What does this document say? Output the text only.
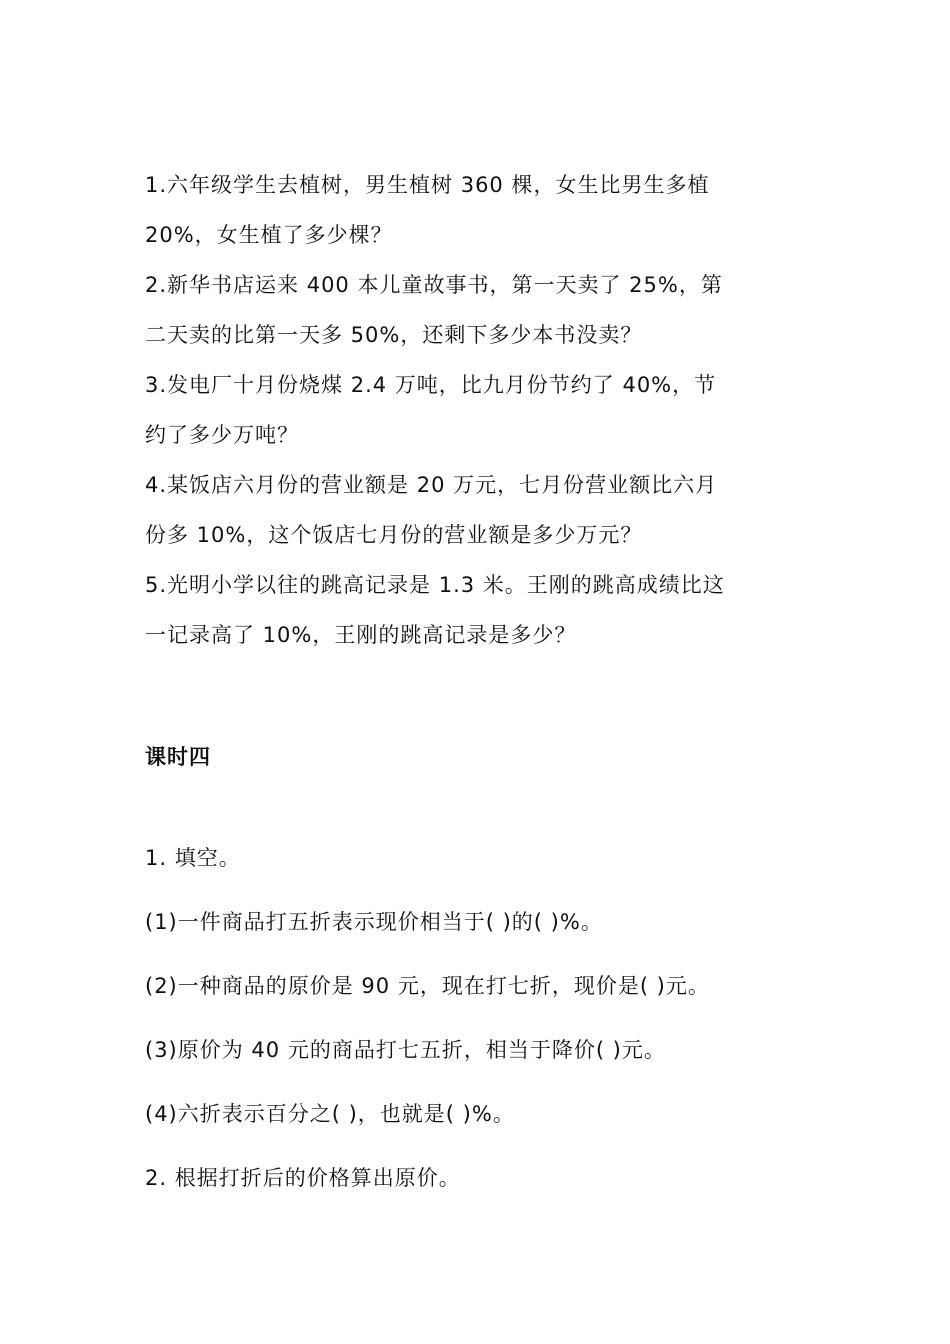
1.六年级学生去植树，男生植树 360 棵，女生比男生多植
20%，女生植了多少棵？
2.新华书店运来 400 本儿童故事书，第一天卖了 25%，第
二天卖的比第一天多 50%，还剩下多少本书没卖？
3.发电厂十月份烧煤 2.4 万吨，比九月份节约了 40%，节
约了多少万吨？
4.某饭店六月份的营业额是 20 万元，七月份营业额比六月
份多 10%，这个饭店七月份的营业额是多少万元？
5.光明小学以往的跳高记录是 1.3 米。王刚的跳高成绩比这
一记录高了 10%，王刚的跳高记录是多少？
课时四
1. 填空。
(1)一件商品打五折表示现价相当于( )的( )%。
(2)一种商品的原价是 90 元，现在打七折，现价是( )元。
(3)原价为 40 元的商品打七五折，相当于降价( )元。
(4)六折表示百分之( )，也就是( )%。
2. 根据打折后的价格算出原价。
